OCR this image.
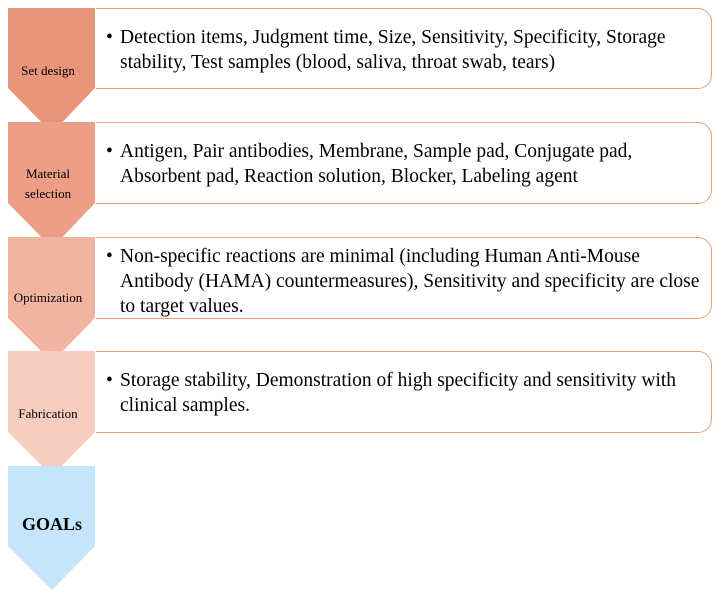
Set design
Material
selection
Optimization
Fabrication
GOALs
• Detection items, Judgment time, Size, Sensitivity, Specificity, Storage stability, Test samples (blood, saliva, throat swab, tears)
• Antigen, Pair antibodies, Membrane, Sample pad, Conjugate pad, Absorbent pad, Reaction solution, Blocker, Labeling agent
• Non-specific reactions are minimal (including Human Anti-Mouse Antibody (HAMA) countermeasures), Sensitivity and specificity are close to target values.
• Storage stability, Demonstration of high specificity and sensitivity with clinical samples.
